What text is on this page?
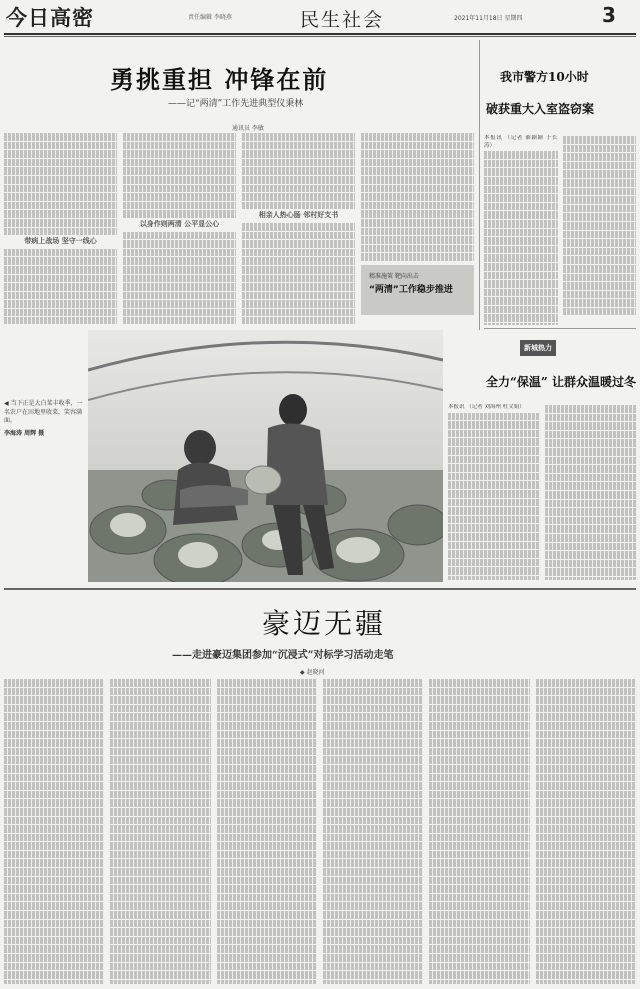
今日高密	责任编辑 李晓燕	民生社会	2021年11月18日 星期四	3
勇挑重担 冲锋在前
——记“两清”工作先进典型仪秉林
通讯员 李敏
带病上战场 坚守一线心
以身作则两清 公平显公心
相亲人热心肠 邻村好支书
精准施策 靶向出击
“两清”工作稳步推进
我市警方10小时
破获重大入室盗窃案
本报讯 （记者 綦颖颖 于长涛）
新城热力
全力“保温” 让群众温暖过冬
本报讯 （记者 刘海州 杜文娟）
◀ 当下正是大白菜丰收季，一名农户在田地里收菜，笑容满面。
李海涛 周辉 摄
豪迈无疆
——走进豪迈集团参加“沉浸式”对标学习活动走笔
◆ 赵晓河
